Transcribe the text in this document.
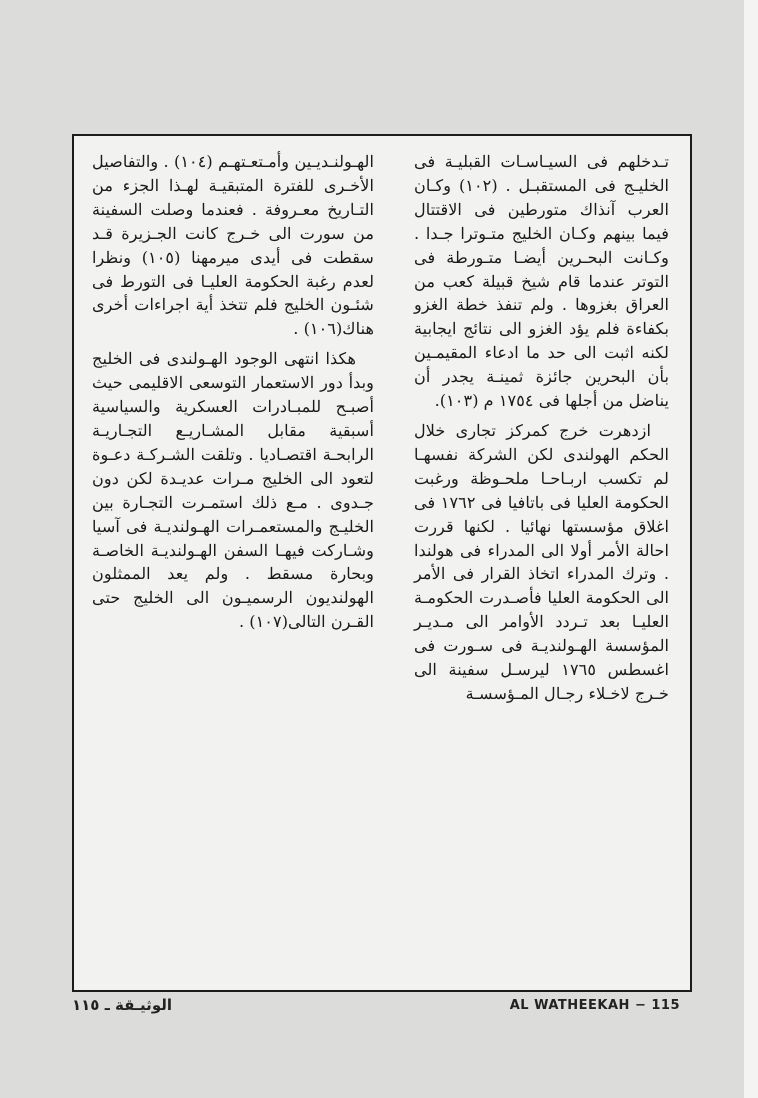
الهـولنـديـين وأمـتعـتهـم (١٠٤) . والتفاصيل الأخـرى للفترة المتبقيـة لهـذا الجزء من التـاريخ معـروفة . فعندما وصلت السفينة من سورت الى خـرج كانت الجـزيرة قـد سقطت فى أيدى ميرمهنا (١٠٥) ونظرا لعدم رغبة الحكومة العليـا فى التورط فى شئـون الخليج فلم تتخذ أية اجراءات أخرى هناك(١٠٦) .

هكذا انتهى الوجود الهـولندى فى الخليج وبدأ دور الاستعمار التوسعى الاقليمى حيث أصبـح للمبـادرات العسكرية والسياسية أسبقية مقابل المشـاريـع التجـاريـة الرابحـة اقتصـاديا . وتلقت الشـركـة دعـوة لتعود الى الخليج مـرات عديـدة لكن دون جـدوى . مـع ذلك استمـرت التجـارة بين الخليـج والمستعمـرات الهـولنديـة فى آسيا وشـاركت فيهـا السفن الهـولنديـة الخاصـة وبحارة مسقط . ولم يعد الممثلون الهولنديون الرسميـون الى الخليج حتى القـرن التالى(١٠٧) .

تـدخلهم فى السيـاسـات القبليـة فى الخليـج فى المستقبـل . (١٠٢) وكـان العرب آنذاك متورطين فى الاقتتال فيما بينهم وكـان الخليج متـوترا جـدا . وكـانت البحـرين أيضـا متـورطة فى التوتر عندما قام شيخ قبيلة كعب من العراق بغزوها . ولم تنفذ خطة الغزو بكفاءة فلم يؤد الغزو الى نتائج ايجابية لكنه اثبت الى حد ما ادعاء المقيمـين بأن البحرين جائزة ثمينـة يجدر أن يناضل من أجلها فى ١٧٥٤ م (١٠٣).

ازدهرت خرج كمركز تجارى خلال الحكم الهولندى لكن الشركة نفسهـا لم تكسب اربـاحـا ملحـوظة ورغبت الحكومة العليا فى باتافيا فى ١٧٦٢ فى اغلاق مؤسستها نهائيا . لكنها قررت احالة الأمر أولا الى المدراء فى هولندا . وترك المدراء اتخاذ القرار فى الأمر الى الحكومة العليا فأصـدرت الحكومـة العليـا بعد تـردد الأوامر الى مـديـر المؤسسة الهـولنديـة فى سـورت فى اغسطس ١٧٦٥ ليرسـل سفينة الى خـرج لاخـلاء رجـال المـؤسسـة

الوثيـقة ـ ١١٥	AL WATHEEKAH − 115
